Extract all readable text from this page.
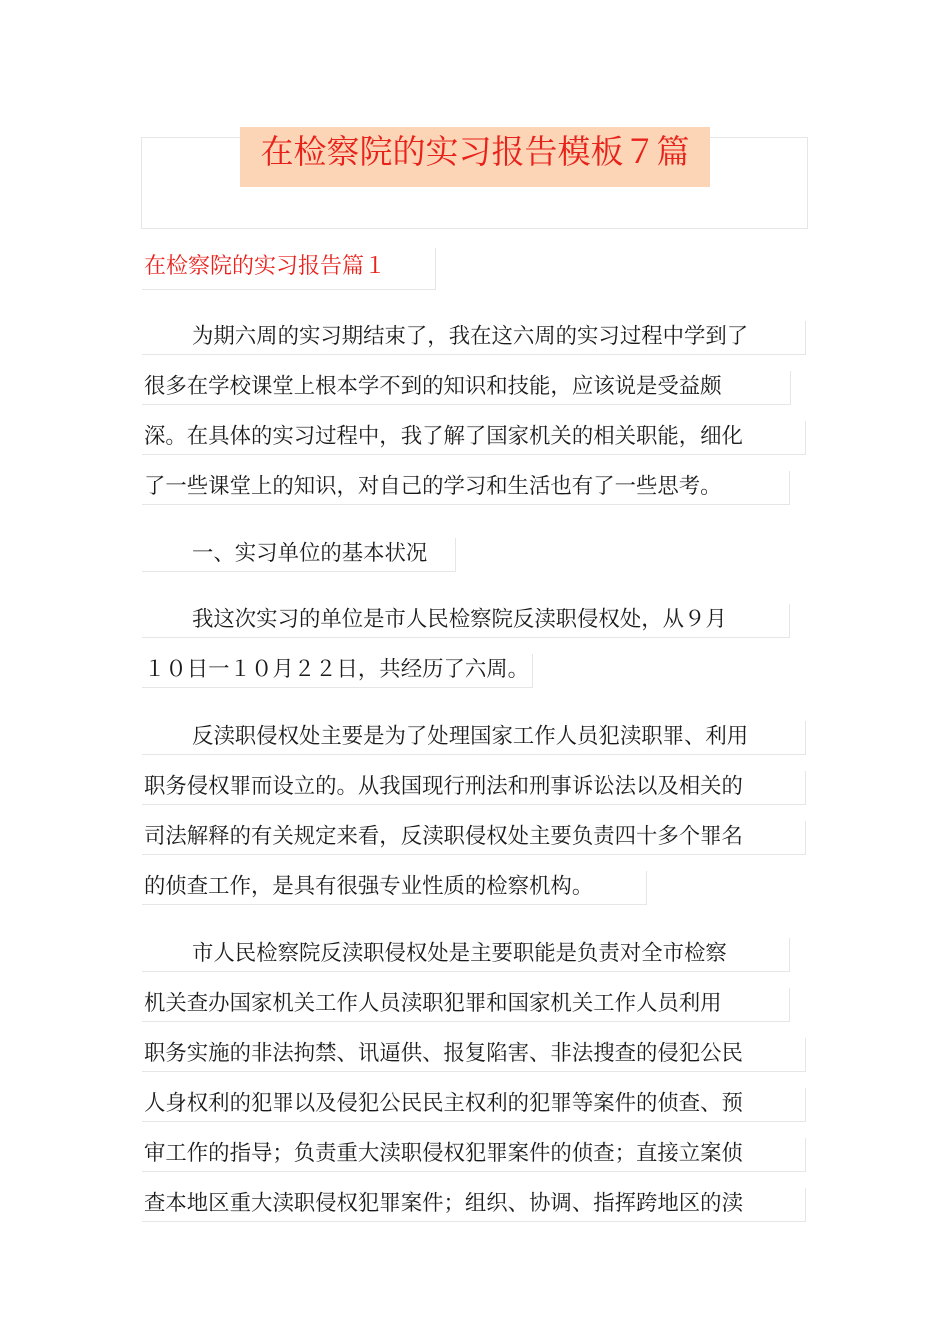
在检察院的实习报告模板７篇
在检察院的实习报告篇１
为期六周的实习期结束了，我在这六周的实习过程中学到了
很多在学校课堂上根本学不到的知识和技能，应该说是受益颇
深。在具体的实习过程中，我了解了国家机关的相关职能，细化
了一些课堂上的知识，对自己的学习和生活也有了一些思考。
一、实习单位的基本状况
我这次实习的单位是市人民检察院反渎职侵权处，从９月
１０日一１０月２２日，共经历了六周。
反渎职侵权处主要是为了处理国家工作人员犯渎职罪、利用
职务侵权罪而设立的。从我国现行刑法和刑事诉讼法以及相关的
司法解释的有关规定来看，反渎职侵权处主要负责四十多个罪名
的侦查工作，是具有很强专业性质的检察机构。
市人民检察院反渎职侵权处是主要职能是负责对全市检察
机关查办国家机关工作人员渎职犯罪和国家机关工作人员利用
职务实施的非法拘禁、讯逼供、报复陷害、非法搜查的侵犯公民
人身权利的犯罪以及侵犯公民民主权利的犯罪等案件的侦查、预
审工作的指导；负责重大渎职侵权犯罪案件的侦查；直接立案侦
查本地区重大渎职侵权犯罪案件；组织、协调、指挥跨地区的渎
